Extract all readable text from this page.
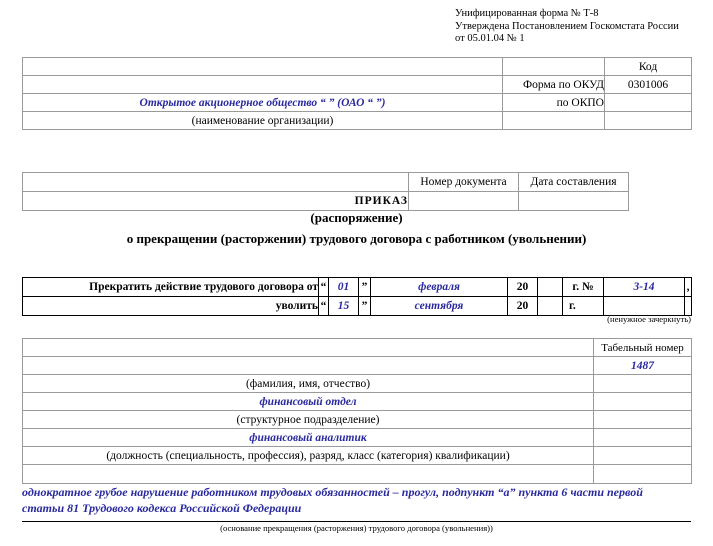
Унифицированная форма № Т-8
Утверждена Постановлением Госкомстата России
от 05.01.04 № 1
		Код
	Форма по ОКУД	0301006
Открытое акционерное общество “ ” (ОАО “ ”)	по ОКПО	
(наименование организации)		
	Номер документа	Дата составления
ПРИКАЗ		
(распоряжение)
о прекращении (расторжении) трудового договора с работником (увольнении)
Прекратить действие трудового договора от	“	01	”	февраля	20		г. №	3-14	,
уволить	“	15	”	сентября	20		г.		
(ненужное зачеркнуть)
	Табельный номер
	1487
(фамилия, имя, отчество)	
финансовый отдел	
(структурное подразделение)	
финансовый аналитик	
(должность (специальность, профессия), разряд, класс (категория) квалификации)	

однократное грубое нарушение работником трудовых обязанностей – прогул, подпункт “а” пункта 6 части первой
статьи 81 Трудового кодекса Российской Федерации
(основание прекращения (расторжения) трудового договора (увольнения))
